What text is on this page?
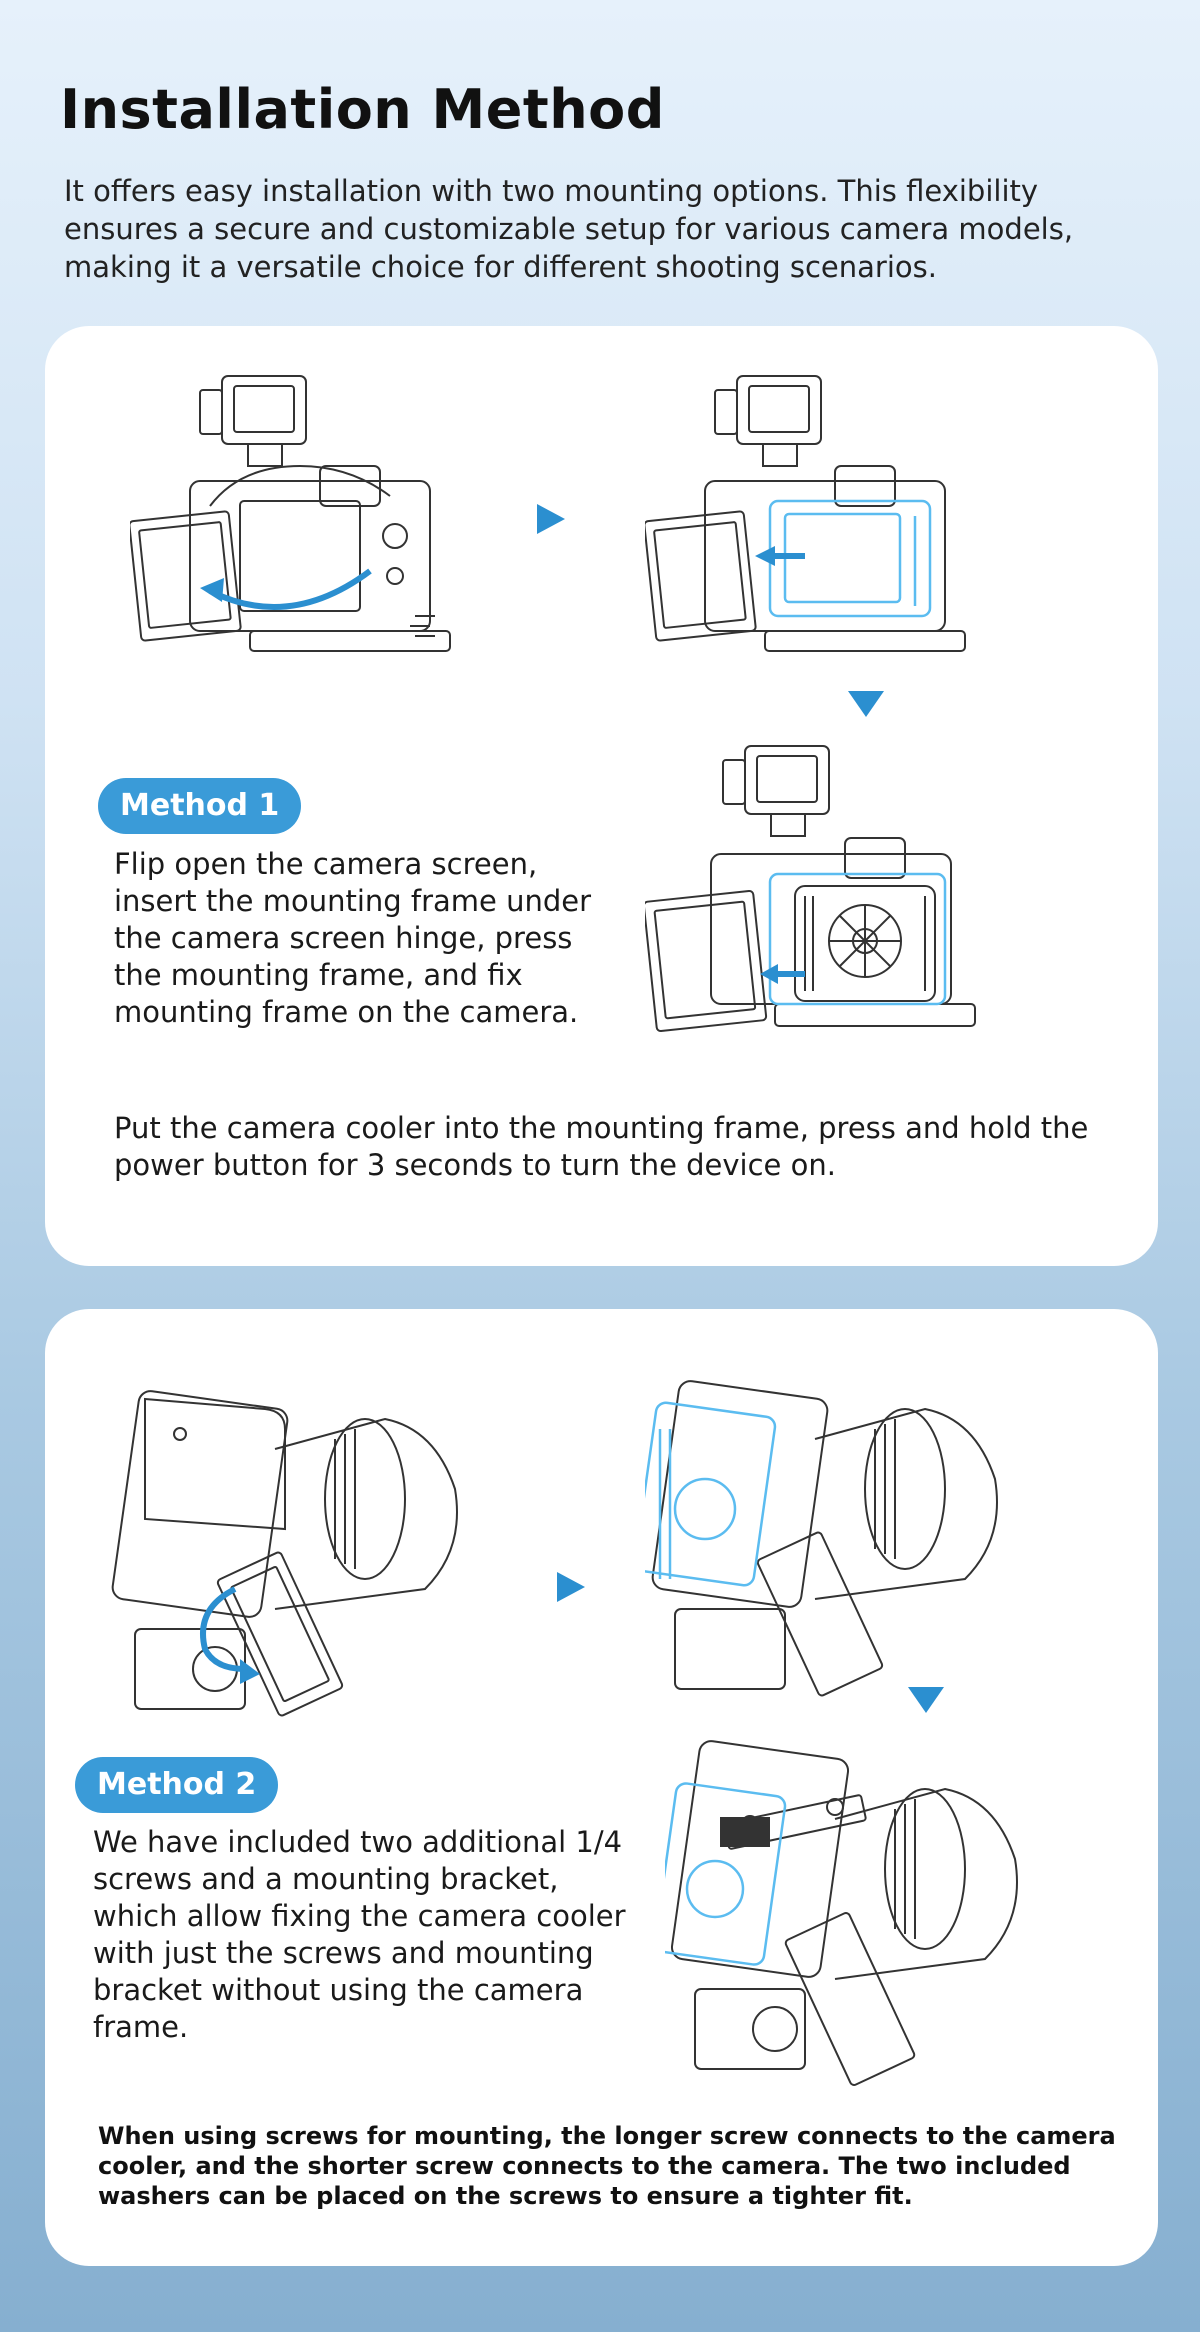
Installation Method

It offers easy installation with two mounting options. This flexibility ensures a secure and customizable setup for various camera models, making it a versatile choice for different shooting scenarios.

Method 1

Flip open the camera screen, insert the mounting frame under the camera screen hinge, press the mounting frame, and fix mounting frame on the camera.

Put the camera cooler into the mounting frame, press and hold the power button for 3 seconds to turn the device on.

Method 2

We have included two additional 1/4 screws and a mounting bracket, which allow fixing the camera cooler with just the screws and mounting bracket without using the camera frame.

When using screws for mounting, the longer screw connects to the camera cooler, and the shorter screw connects to the camera. The two included washers can be placed on the screws to ensure a tighter fit.
